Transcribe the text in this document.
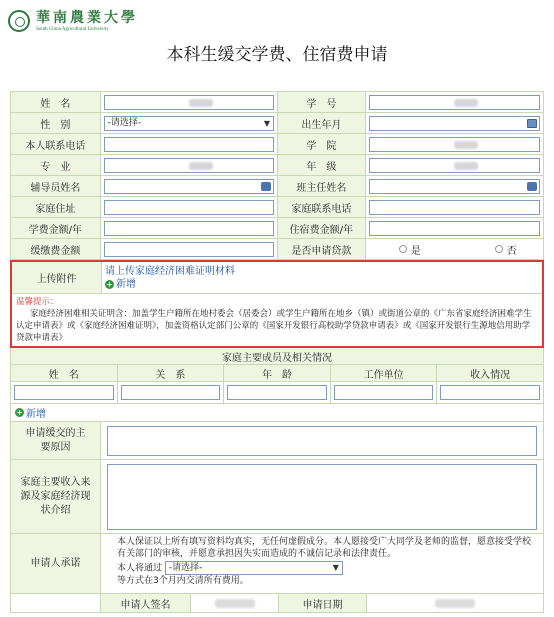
華南農業大學
South China Agricultural University
本科生缓交学费、住宿费申请
姓　名	学　号
性　别	-请选择-	▼	出生年月
本人联系电话	学　院
专　业	年　级
辅导员姓名	班主任姓名
家庭住址	家庭联系电话
学费金额/年	住宿费金额/年
缓缴费金额	是否申请贷款	是	否
上传附件
请上传家庭经济困难证明材料
+ 新增
温馨提示：
家庭经济困难相关证明含：加盖学生户籍所在地村委会（居委会）或学生户籍所在地乡（镇）或街道公章的《广东省家庭经济困难学生认定申请表》或《家庭经济困难证明》，加盖资格认定部门公章的《国家开发银行高校助学贷款申请表》或《国家开发银行生源地信用助学贷款申请表》
家庭主要成员及相关情况
姓　名	关　系	年　龄	工作单位	收入情况
+ 新增
申请缓交的主要原因
家庭主要收入来源及家庭经济现状介绍
申请人承诺
本人保证以上所有填写资料均真实，无任何虚假成分。本人愿接受广大同学及老师的监督，愿意接受学校有关部门的审核，并愿意承担因失实而造成的不诚信记录和法律责任。
本人将通过 -请选择-	▼
等方式在3个月内交清所有费用。
申请人签名	申请日期
